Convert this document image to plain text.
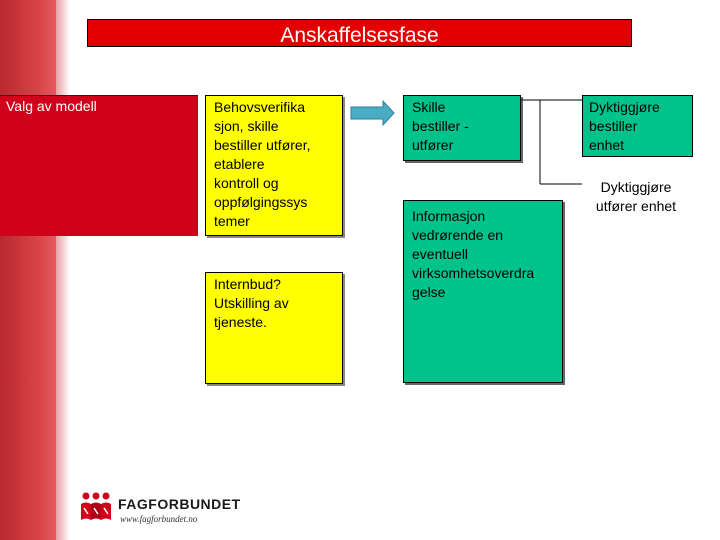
Anskaffelsesfase
Valg av modell	Behovsverifika
sjon, skille
bestiller utfører,
etablere
kontroll og
oppfølgingssys
temer
Internbud?
Utskilling av
tjeneste.
Skille
bestiller -
utfører
Informasjon
vedrørende en
eventuell
virksomhetsoverdra
gelse
Dyktiggjøre
bestiller
enhet
Dyktiggjøre
utfører enhet
FAGFORBUNDET
www.fagforbundet.no
